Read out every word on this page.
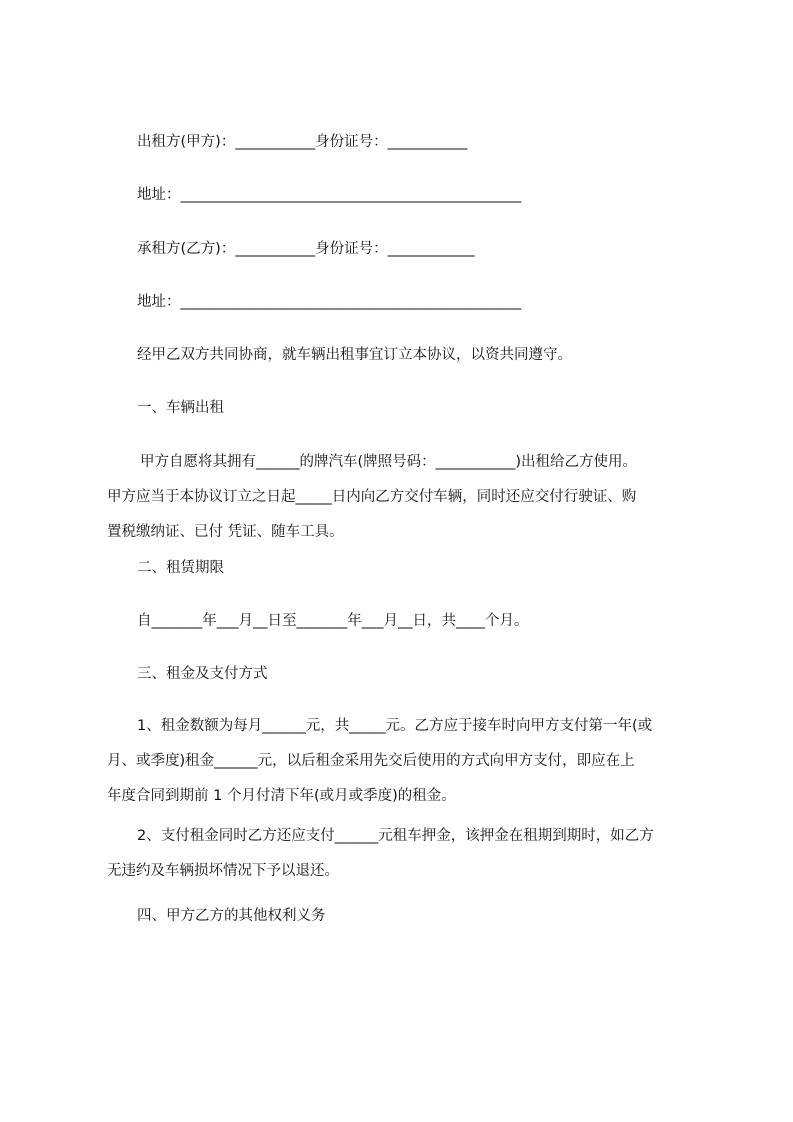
出租方(甲方)：___________身份证号：___________
地址：_______________________________________________
承租方(乙方)：___________身份证号：____________
地址：_______________________________________________
经甲乙双方共同协商，就车辆出租事宜订立本协议，以资共同遵守。
一、车辆出租
甲方自愿将其拥有______的牌汽车(牌照号码：___________)出租给乙方使用。
甲方应当于本协议订立之日起_____日内向乙方交付车辆，同时还应交付行驶证、购
置税缴纳证、已付 凭证、随车工具。
二、租赁期限
自_______年___月__日至_______年___月__日，共____个月。
三、租金及支付方式
1、租金数额为每月______元，共_____元。乙方应于接车时向甲方支付第一年(或
月、或季度)租金______元，以后租金采用先交后使用的方式向甲方支付，即应在上
年度合同到期前 1 个月付清下年(或月或季度)的租金。
2、支付租金同时乙方还应支付______元租车押金，该押金在租期到期时，如乙方
无违约及车辆损坏情况下予以退还。
四、甲方乙方的其他权利义务
